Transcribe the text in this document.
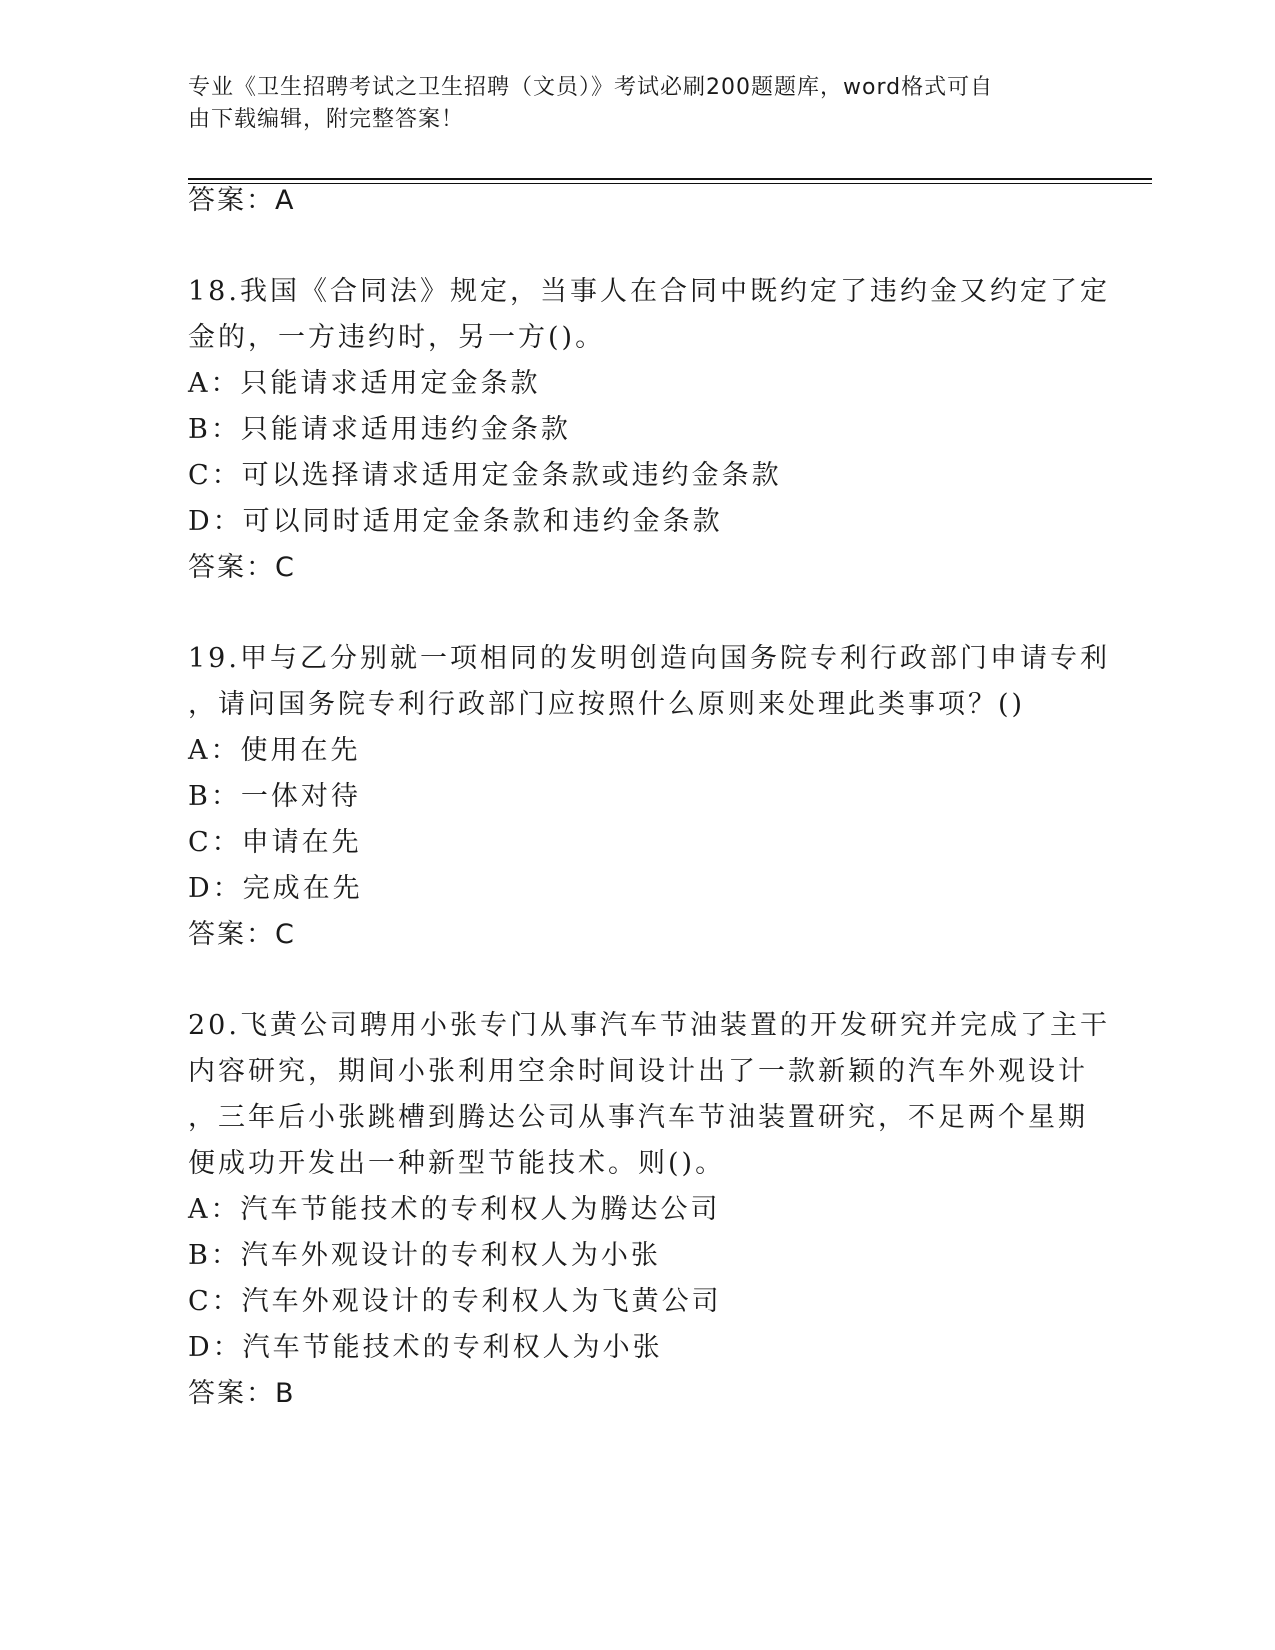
专业《卫生招聘考试之卫生招聘（文员）》考试必刷200题题库，word格式可自
由下载编辑，附完整答案！
答案：A
18.我国《合同法》规定，当事人在合同中既约定了违约金又约定了定
金的，一方违约时，另一方()。
A：只能请求适用定金条款
B：只能请求适用违约金条款
C：可以选择请求适用定金条款或违约金条款
D：可以同时适用定金条款和违约金条款
答案：C
19.甲与乙分别就一项相同的发明创造向国务院专利行政部门申请专利
，请问国务院专利行政部门应按照什么原则来处理此类事项？()
A：使用在先
B：一体对待
C：申请在先
D：完成在先
答案：C
20.飞黄公司聘用小张专门从事汽车节油装置的开发研究并完成了主干
内容研究，期间小张利用空余时间设计出了一款新颖的汽车外观设计
，三年后小张跳槽到腾达公司从事汽车节油装置研究，不足两个星期
便成功开发出一种新型节能技术。则()。
A：汽车节能技术的专利权人为腾达公司
B：汽车外观设计的专利权人为小张
C：汽车外观设计的专利权人为飞黄公司
D：汽车节能技术的专利权人为小张
答案：B
